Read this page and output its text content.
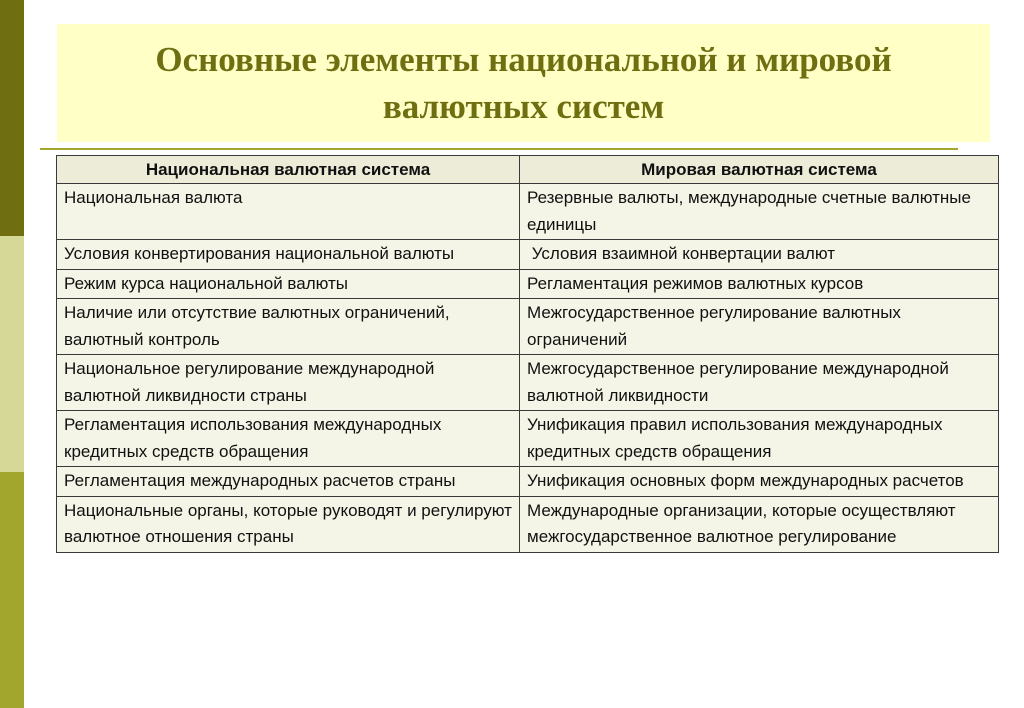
Основные элементы национальной и мировой валютных систем
Национальная валютная система	Мировая валютная система
Национальная валюта	Резервные валюты, международные счетные валютные единицы
Условия конвертирования национальной валюты	Условия взаимной конвертации валют
Режим курса национальной валюты	Регламентация режимов валютных курсов
Наличие или отсутствие валютных ограничений, валютный контроль	Межгосударственное регулирование валютных ограничений
Национальное регулирование международной валютной ликвидности страны	Межгосударственное регулирование международной валютной ликвидности
Регламентация использования международных кредитных средств обращения	Унификация правил использования международных кредитных средств обращения
Регламентация международных расчетов страны	Унификация основных форм международных расчетов
Национальные органы, которые руководят и регулируют валютное отношения страны	Международные организации, которые осуществляют межгосударственное валютное регулирование
